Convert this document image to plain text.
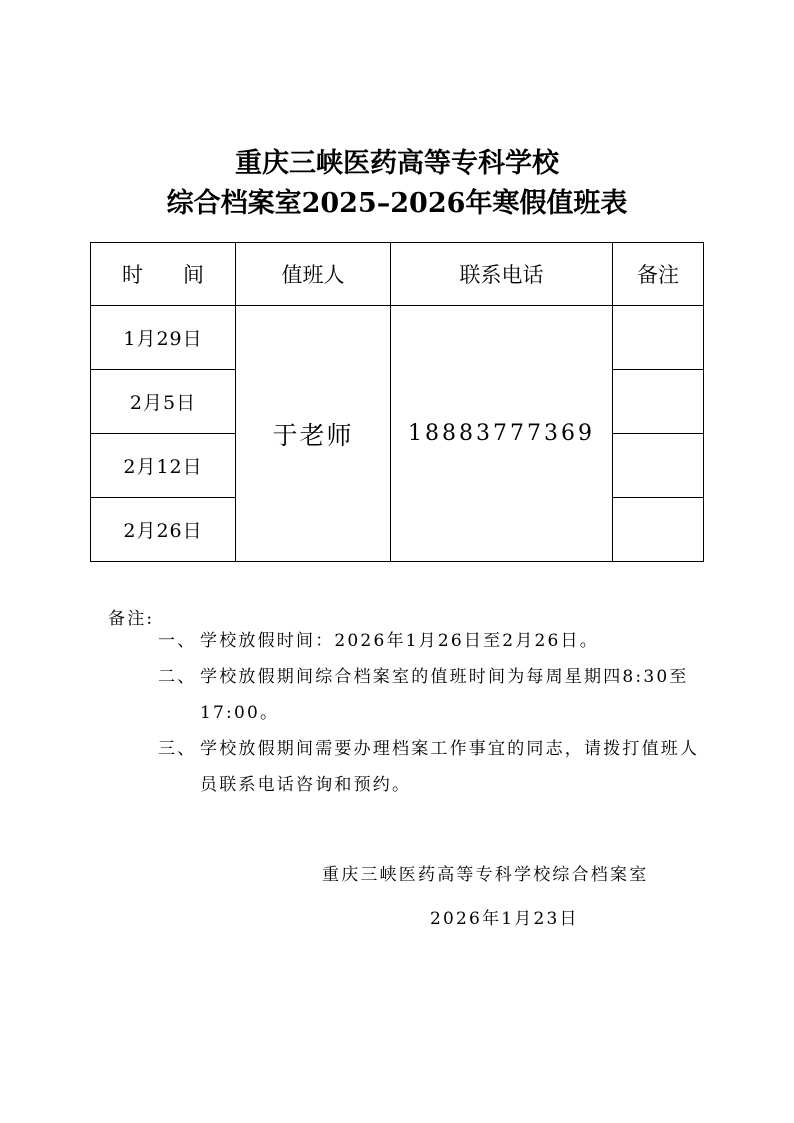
重庆三峡医药高等专科学校
综合档案室2025–2026年寒假值班表
时 间	值班人	联系电话	备注
1月29日	于老师	18883777369	
2月5日			
2月12日			
2月26日			
备注:
一、 学校放假时间：2026年1月26日至2月26日。
二、 学校放假期间综合档案室的值班时间为每周星期四8:30至17:00。
三、 学校放假期间需要办理档案工作事宜的同志，请拨打值班人员联系电话咨询和预约。
重庆三峡医药高等专科学校综合档案室
2026年1月23日
